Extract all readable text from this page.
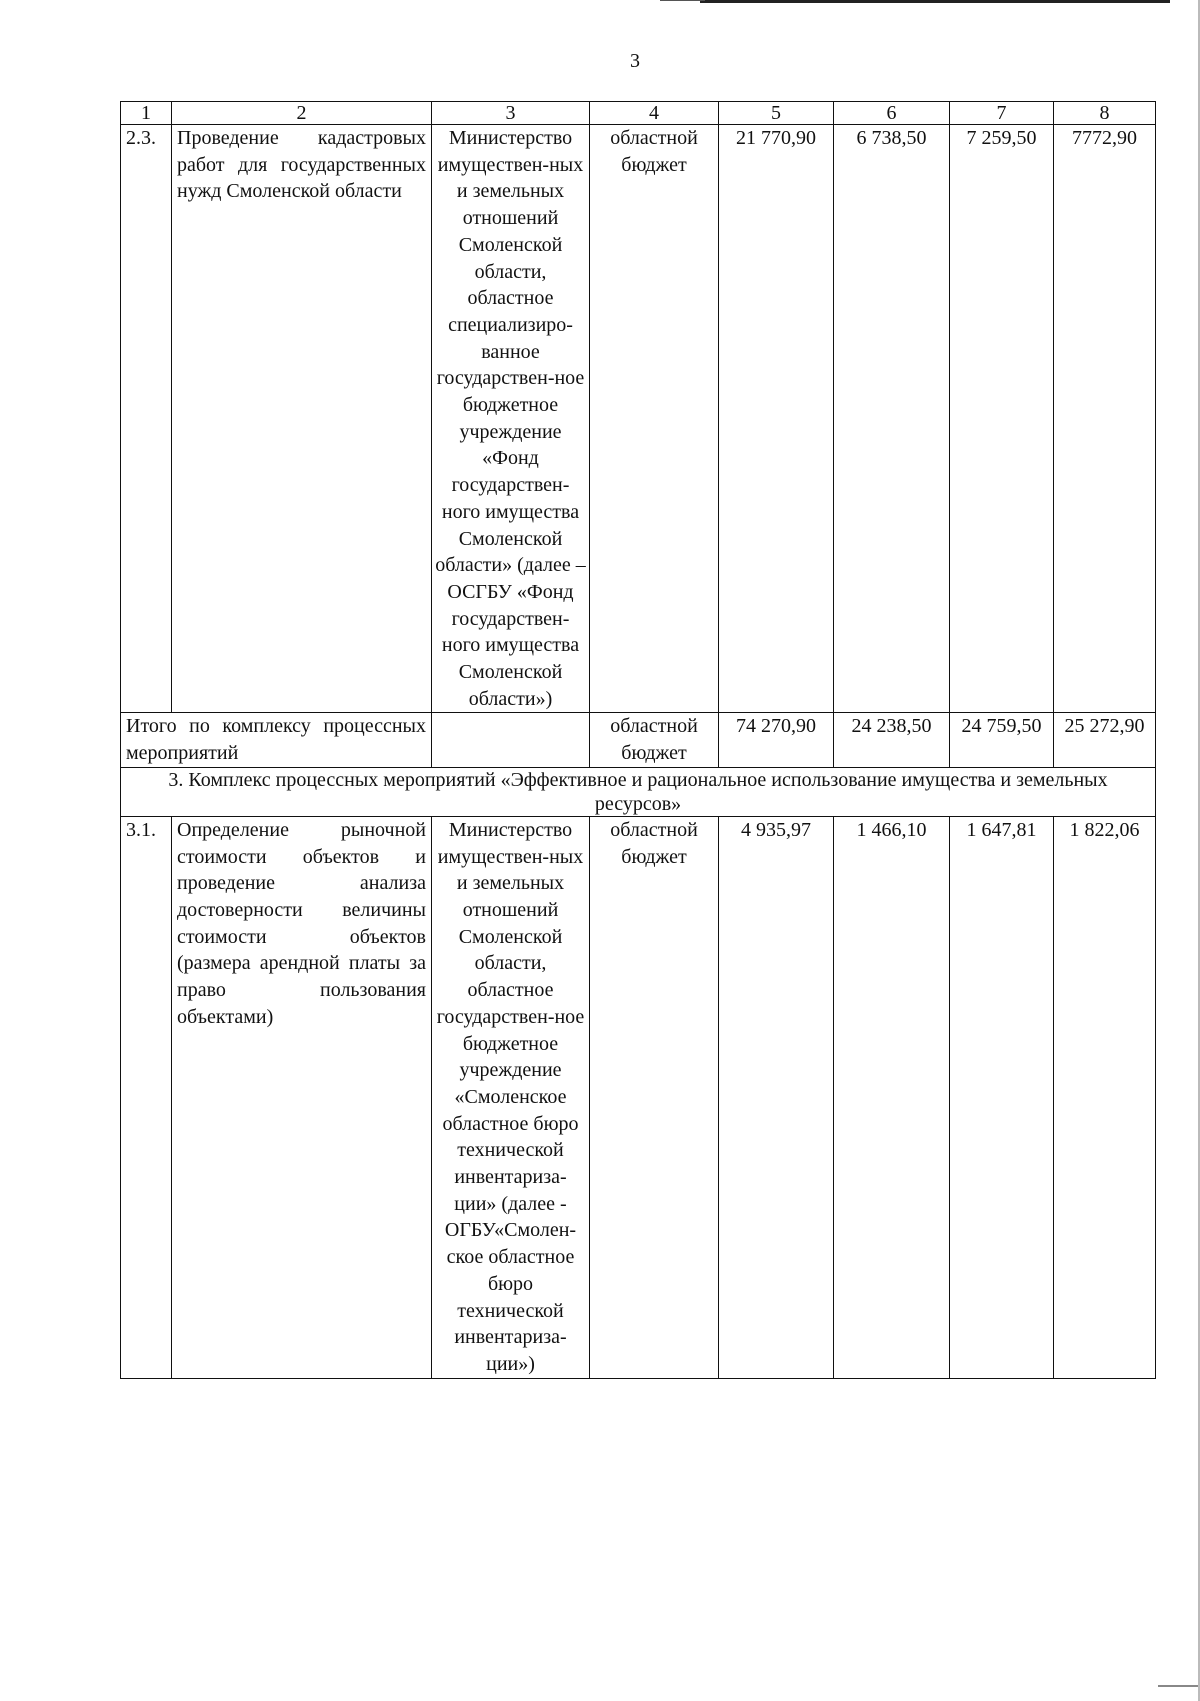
3
1	2	3	4	5	6	7	8
2.3.	Проведение кадастровых работ для государственных нужд Смоленской области	Министерство имуществен-ных и земельных отношений Смоленской области, областное специализиро-ванное государствен-ное бюджетное учреждение «Фонд государствен-ного имущества Смоленской области» (далее – ОСГБУ «Фонд государствен-ного имущества Смоленской области»)	областной бюджет	21 770,90	6 738,50	7 259,50	7772,90
Итого по комплексу процессных мероприятий			областной бюджет	74 270,90	24 238,50	24 759,50	25 272,90
3. Комплекс процессных мероприятий «Эффективное и рациональное использование имущества и земельных ресурсов»							
3.1.	Определение рыночной стоимости объектов и проведение анализа достоверности величины стоимости объектов (размера арендной платы за право пользования объектами)	Министерство имуществен-ных и земельных отношений Смоленской области, областное государствен-ное бюджетное учреждение «Смоленское областное бюро технической инвентариза-ции» (далее - ОГБУ«Смолен-ское областное бюро технической инвентариза-ции»)	областной бюджет	4 935,97	1 466,10	1 647,81	1 822,06
